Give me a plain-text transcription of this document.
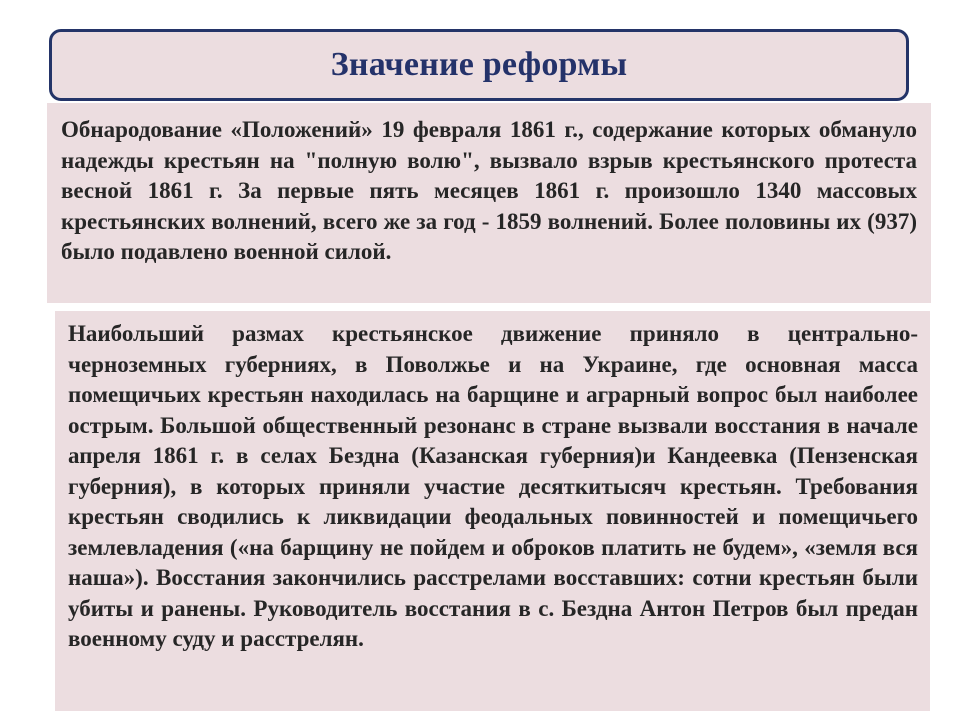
Значение реформы

Обнародование «Положений» 19 февраля 1861 г., содержание которых обмануло надежды крестьян на "полную волю", вызвало взрыв крестьянского протеста весной 1861 г. За первые пять месяцев 1861 г. произошло 1340 массовых крестьянских волнений, всего же за год - 1859 волнений. Более половины их (937) было подавлено военной силой.

Наибольший размах крестьянское движение приняло в центрально-черноземных губерниях, в Поволжье и на Украине, где основная масса помещичьих крестьян находилась на барщине и аграрный вопрос был наиболее острым. Большой общественный резонанс в стране вызвали восстания в начале апреля 1861 г. в селах Бездна (Казанская губерния)и Кандеевка (Пензенская губерния), в которых приняли участие десяткитысяч крестьян. Требования крестьян сводились к ликвидации феодальных повинностей и помещичьего землевладения («на барщину не пойдем и оброков платить не будем», «земля вся наша»). Восстания закончились расстрелами восставших: сотни крестьян были убиты и ранены. Руководитель восстания в с. Бездна Антон Петров был предан военному суду и расстрелян.
